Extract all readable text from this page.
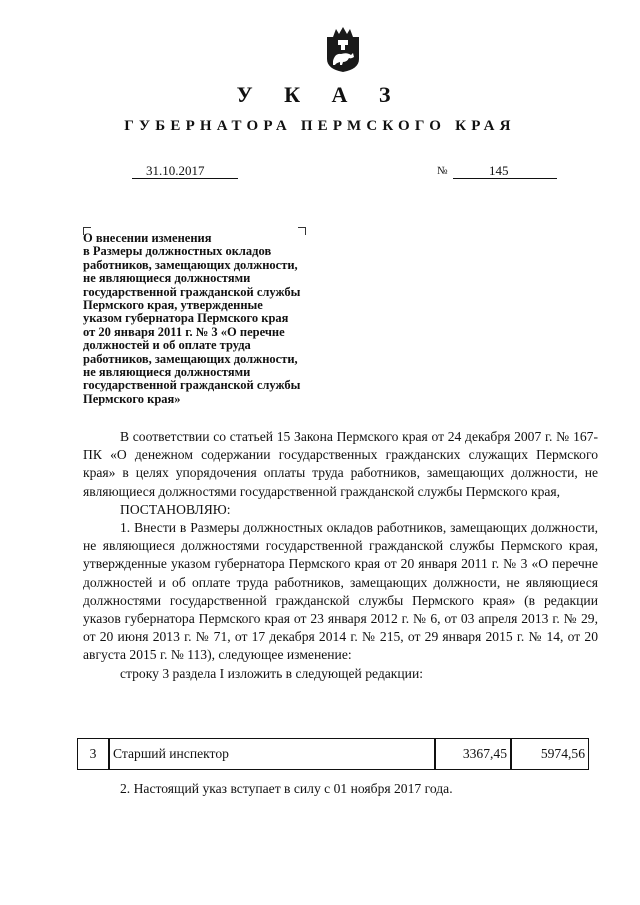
У К А З
ГУБЕРНАТОРА ПЕРМСКОГО КРАЯ
31.10.2017	№	145
О внесении изменения
в Размеры должностных окладов
работников, замещающих должности,
не являющиеся должностями
государственной гражданской службы
Пермского края, утвержденные
указом губернатора Пермского края
от 20 января 2011 г. № 3 «О перечне
должностей и об оплате труда
работников, замещающих должности,
не являющиеся должностями
государственной гражданской службы
Пермского края»

В соответствии со статьей 15 Закона Пермского края от 24 декабря 2007 г. № 167-ПК «О денежном содержании государственных гражданских служащих Пермского края» в целях упорядочения оплаты труда работников, замещающих должности, не являющиеся должностями государственной гражданской службы Пермского края,

ПОСТАНОВЛЯЮ:

1. Внести в Размеры должностных окладов работников, замещающих должности, не являющиеся должностями государственной гражданской службы Пермского края, утвержденные указом губернатора Пермского края от 20 января 2011 г. № 3 «О перечне должностей и об оплате труда работников, замещающих должности, не являющиеся должностями государственной гражданской службы Пермского края» (в редакции указов губернатора Пермского края от 23 января 2012 г. № 6, от 03 апреля 2013 г. № 29, от 20 июня 2013 г. № 71, от 17 декабря 2014 г. № 215, от 29 января 2015 г. № 14, от 20 августа 2015 г. № 113), следующее изменение:

строку 3 раздела I изложить в следующей редакции:

3	Старший инспектор	3367,45	5974,56

2. Настоящий указ вступает в силу с 01 ноября 2017 года.
